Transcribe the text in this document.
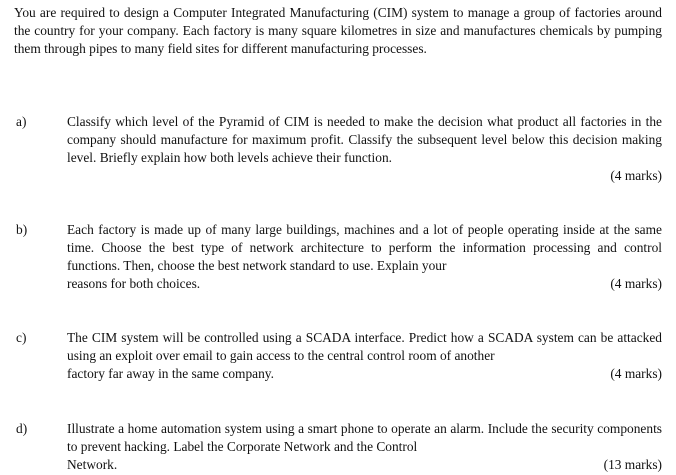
You are required to design a Computer Integrated Manufacturing (CIM) system to manage a group of factories around the country for your company. Each factory is many square kilometres in size and manufactures chemicals by pumping them through pipes to many field sites for different manufacturing processes.

a)	Classify which level of the Pyramid of CIM is needed to make the decision what product all factories in the company should manufacture for maximum profit. Classify the subsequent level below this decision making level. Briefly explain how both levels achieve their function.
(4 marks)
b)	Each factory is made up of many large buildings, machines and a lot of people operating inside at the same time. Choose the best type of network architecture to perform the information processing and control functions. Then, choose the best network standard to use. Explain your
reasons for both choices.	(4 marks)
c)	The CIM system will be controlled using a SCADA interface. Predict how a SCADA system can be attacked using an exploit over email to gain access to the central control room of another
factory far away in the same company.	(4 marks)
d)	Illustrate a home automation system using a smart phone to operate an alarm. Include the security components to prevent hacking. Label the Corporate Network and the Control
Network.	(13 marks)
